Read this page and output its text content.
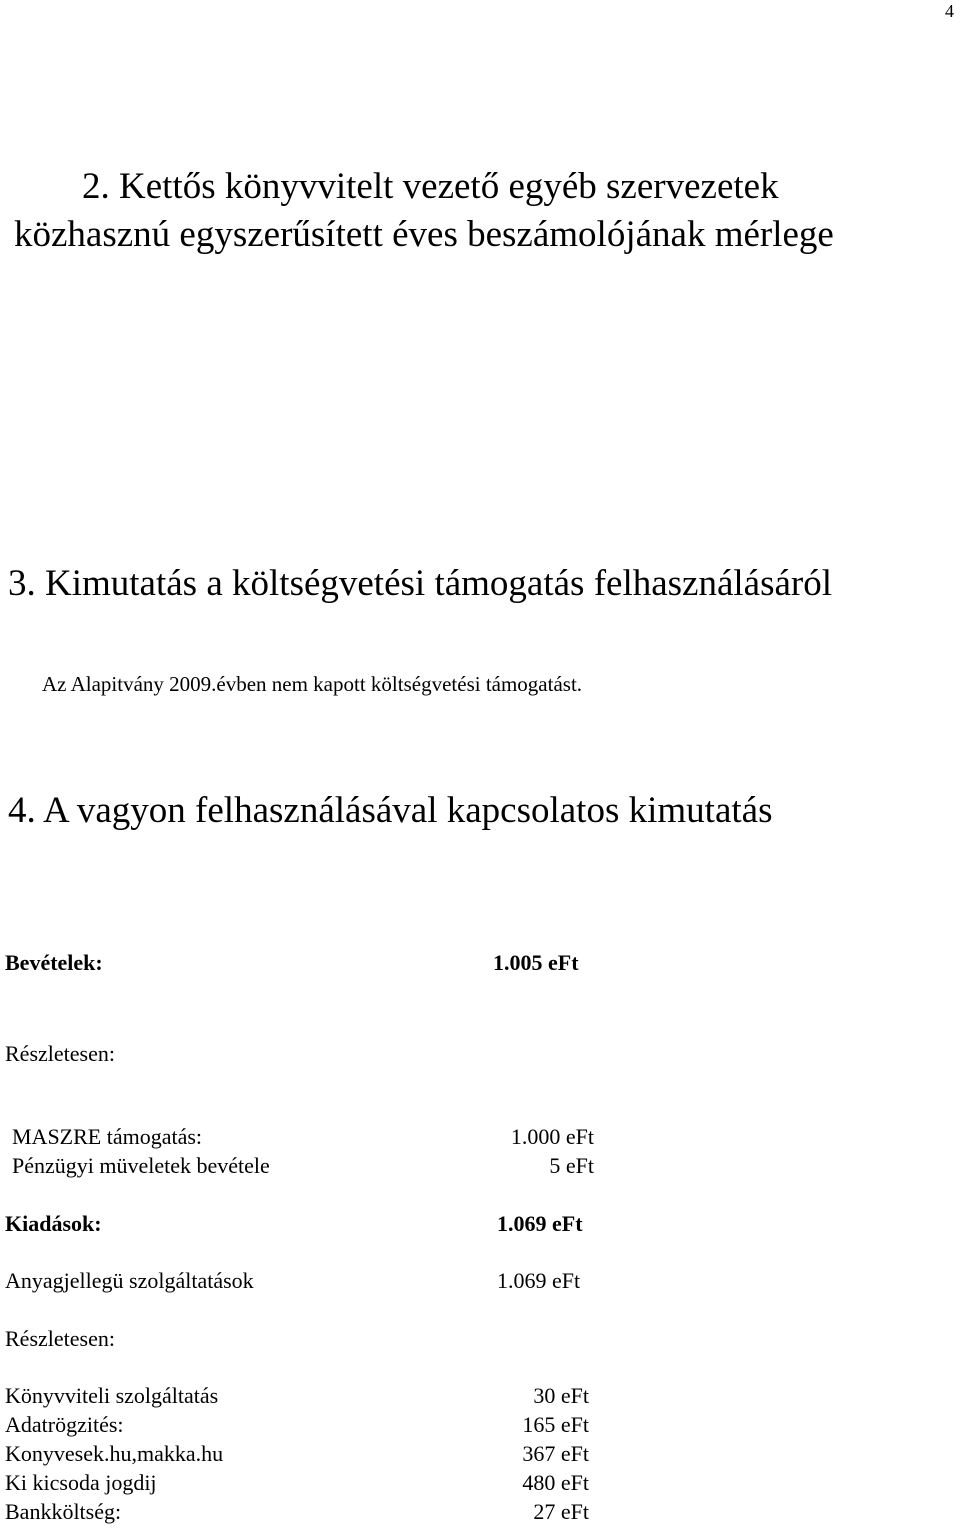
4
2. Kettős könyvvitelt vezető egyéb szervezetek
közhasznú egyszerűsített éves beszámolójának mérlege
3. Kimutatás a költségvetési támogatás felhasználásáról
Az Alapitvány 2009.évben nem kapott költségvetési támogatást.
4. A vagyon felhasználásával kapcsolatos kimutatás
Bevételek:	1.005 eFt
Részletesen:
MASZRE támogatás:	1.000 eFt
Pénzügyi müveletek bevétele	5 eFt
Kiadások:	1.069 eFt
Anyagjellegü szolgáltatások	1.069 eFt
Részletesen:
Könyvviteli szolgáltatás	30 eFt
Adatrögzités:	165 eFt
Konyvesek.hu,makka.hu	367 eFt
Ki kicsoda jogdij	480 eFt
Bankköltség:	27 eFt
